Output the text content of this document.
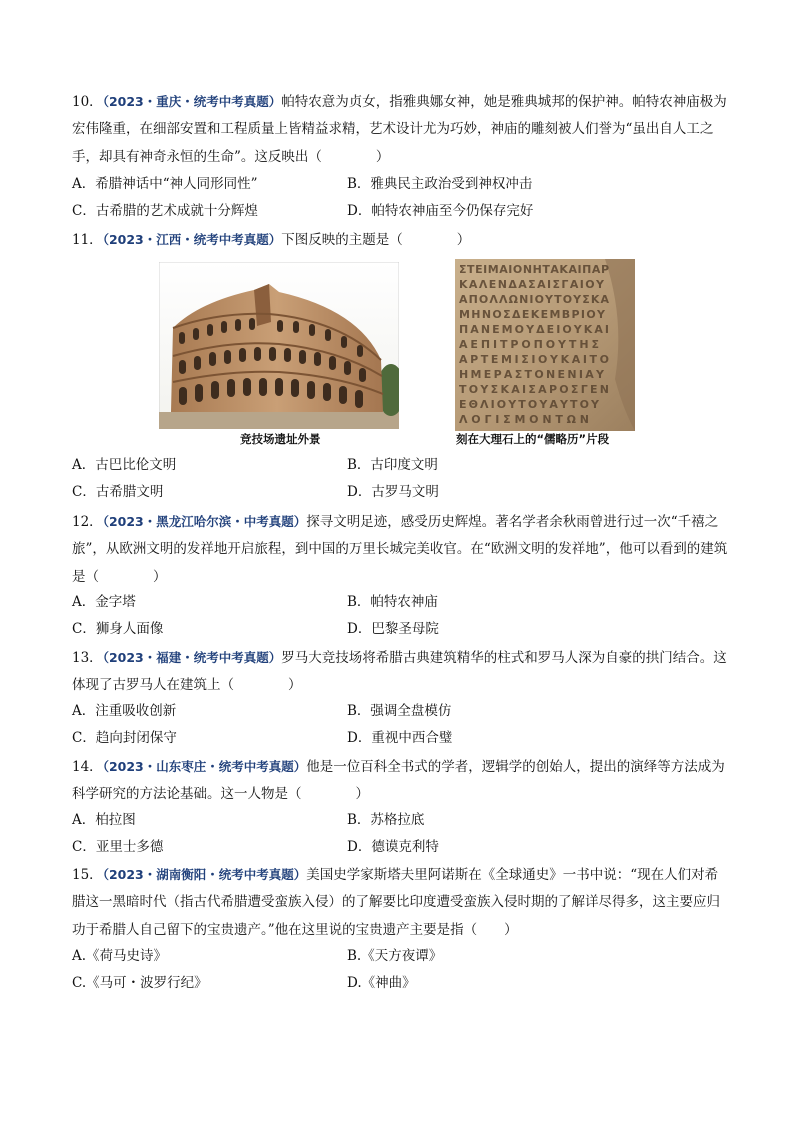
10．（2023・重庆・统考中考真题）帕特农意为贞女，指雅典娜女神，她是雅典城邦的保护神。帕特农神庙极为宏伟隆重，在细部安置和工程质量上皆精益求精，艺术设计尤为巧妙，神庙的雕刻被人们誉为“虽出自人工之手，却具有神奇永恒的生命”。这反映出（　　　　）
A．希腊神话中“神人同形同性”	B．雅典民主政治受到神权冲击
C．古希腊的艺术成就十分辉煌	D．帕特农神庙至今仍保存完好
11．（2023・江西・统考中考真题）下图反映的主题是（　　　　）
竞技场遗址外景
ΣΤΕΙΜΑΙΟΝΗΤΑΚΑΙΠΑΡ
ΚΑΛΕΝΔΑΣΑΙΣΓΑΙΟΥ
ΑΠΟΛΛΩΝΙΟΥΤΟΥΣΚΑ
ΜΗΝΟΣΔΕΚΕΜΒΡΙΟΥ
ΠΑΝΕΜΟΥΔΕΙΟΥΚΑΙ
ΑΕΠΙΤΡΟΠΟΥΤΗΣ
ΑΡΤΕΜΙΣΙΟΥΚΑΙΤΟ
ΗΜΕΡΑΣΤΟΝΕΝΙΑΥ
ΤΟΥΣΚΑΙΣΑΡΟΣΓΕΝ
ΕΘΛΙΟΥΤΟΥΑΥΤΟΥ
ΛΟΓΙΣΜΟΝΤΩΝ
刻在大理石上的“儒略历”片段
A．古巴比伦文明	B．古印度文明
C．古希腊文明	D．古罗马文明
12．（2023・黑龙江哈尔滨・中考真题）探寻文明足迹，感受历史辉煌。著名学者余秋雨曾进行过一次“千禧之旅”，从欧洲文明的发祥地开启旅程，到中国的万里长城完美收官。在“欧洲文明的发祥地”，他可以看到的建筑是（　　　　）
A．金字塔	B．帕特农神庙
C．狮身人面像	D．巴黎圣母院
13．（2023・福建・统考中考真题）罗马大竞技场将希腊古典建筑精华的柱式和罗马人深为自豪的拱门结合。这体现了古罗马人在建筑上（　　　　）
A．注重吸收创新	B．强调全盘模仿
C．趋向封闭保守	D．重视中西合璧
14．（2023・山东枣庄・统考中考真题）他是一位百科全书式的学者，逻辑学的创始人，提出的演绎等方法成为科学研究的方法论基础。这一人物是（　　　　）
A．柏拉图	B．苏格拉底
C．亚里士多德	D．德谟克利特
15．（2023・湖南衡阳・统考中考真题）美国史学家斯塔夫里阿诺斯在《全球通史》一书中说：“现在人们对希腊这一黑暗时代（指古代希腊遭受蛮族入侵）的了解要比印度遭受蛮族入侵时期的了解详尽得多，这主要应归功于希腊人自己留下的宝贵遗产。”他在这里说的宝贵遗产主要是指（　　）
A.《荷马史诗》	B.《天方夜谭》
C.《马可・波罗行纪》	D.《神曲》
